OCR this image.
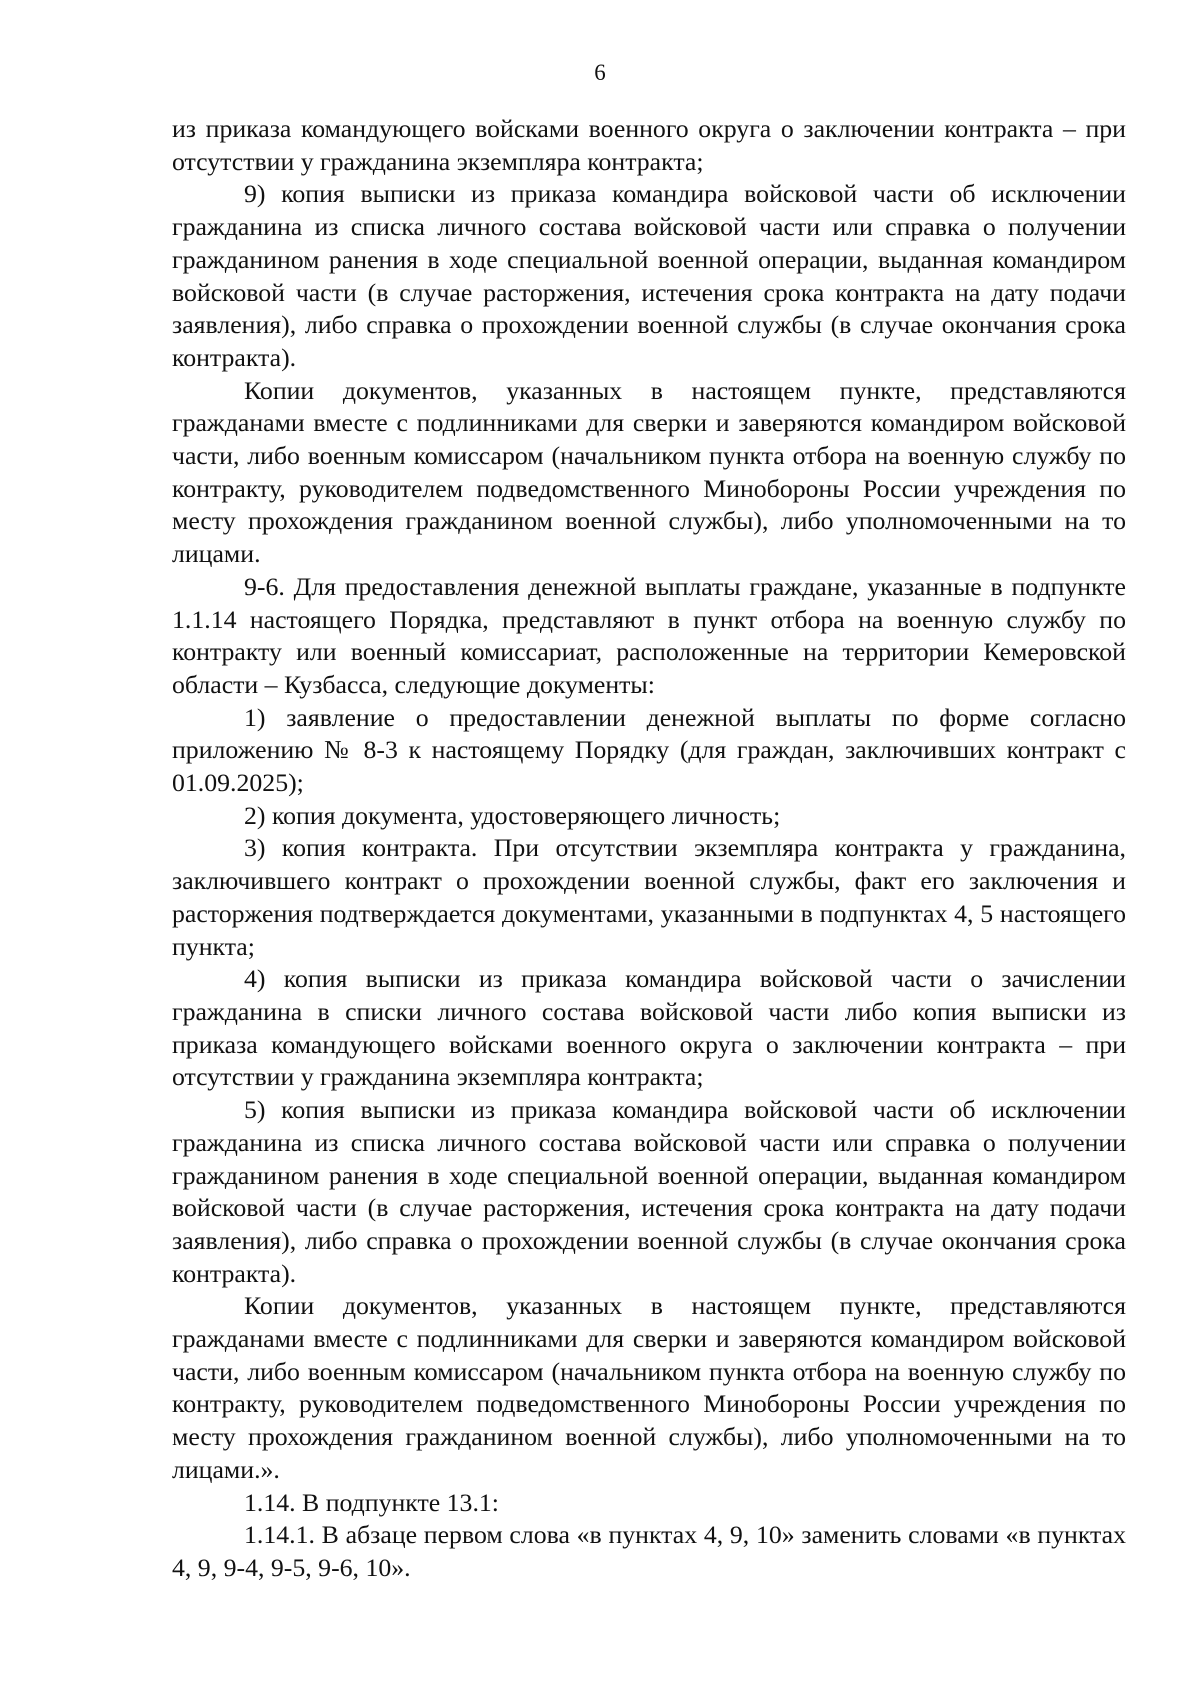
6

из приказа командующего войсками военного округа о заключении контракта – при отсутствии у гражданина экземпляра контракта;

9) копия выписки из приказа командира войсковой части об исключении гражданина из списка личного состава войсковой части или справка о получении гражданином ранения в ходе специальной военной операции, выданная командиром войсковой части (в случае расторжения, истечения срока контракта на дату подачи заявления), либо справка о прохождении военной службы (в случае окончания срока контракта).

Копии документов, указанных в настоящем пункте, представляются гражданами вместе с подлинниками для сверки и заверяются командиром войсковой части, либо военным комиссаром (начальником пункта отбора на военную службу по контракту, руководителем подведомственного Минобороны России учреждения по месту прохождения гражданином военной службы), либо уполномоченными на то лицами.

9-6. Для предоставления денежной выплаты граждане, указанные в подпункте 1.1.14 настоящего Порядка, представляют в пункт отбора на военную службу по контракту или военный комиссариат, расположенные на территории Кемеровской области – Кузбасса, следующие документы:

1) заявление о предоставлении денежной выплаты по форме согласно приложению № 8-3 к настоящему Порядку (для граждан, заключивших контракт с 01.09.2025);

2) копия документа, удостоверяющего личность;

3) копия контракта. При отсутствии экземпляра контракта у гражданина, заключившего контракт о прохождении военной службы, факт его заключения и расторжения подтверждается документами, указанными в подпунктах 4, 5 настоящего пункта;

4) копия выписки из приказа командира войсковой части о зачислении гражданина в списки личного состава войсковой части либо копия выписки из приказа командующего войсками военного округа о заключении контракта – при отсутствии у гражданина экземпляра контракта;

5) копия выписки из приказа командира войсковой части об исключении гражданина из списка личного состава войсковой части или справка о получении гражданином ранения в ходе специальной военной операции, выданная командиром войсковой части (в случае расторжения, истечения срока контракта на дату подачи заявления), либо справка о прохождении военной службы (в случае окончания срока контракта).

Копии документов, указанных в настоящем пункте, представляются гражданами вместе с подлинниками для сверки и заверяются командиром войсковой части, либо военным комиссаром (начальником пункта отбора на военную службу по контракту, руководителем подведомственного Минобороны России учреждения по месту прохождения гражданином военной службы), либо уполномоченными на то лицами.».

1.14. В подпункте 13.1:

1.14.1. В абзаце первом слова «в пунктах 4, 9, 10» заменить словами «в пунктах 4, 9, 9-4, 9-5, 9-6, 10».
